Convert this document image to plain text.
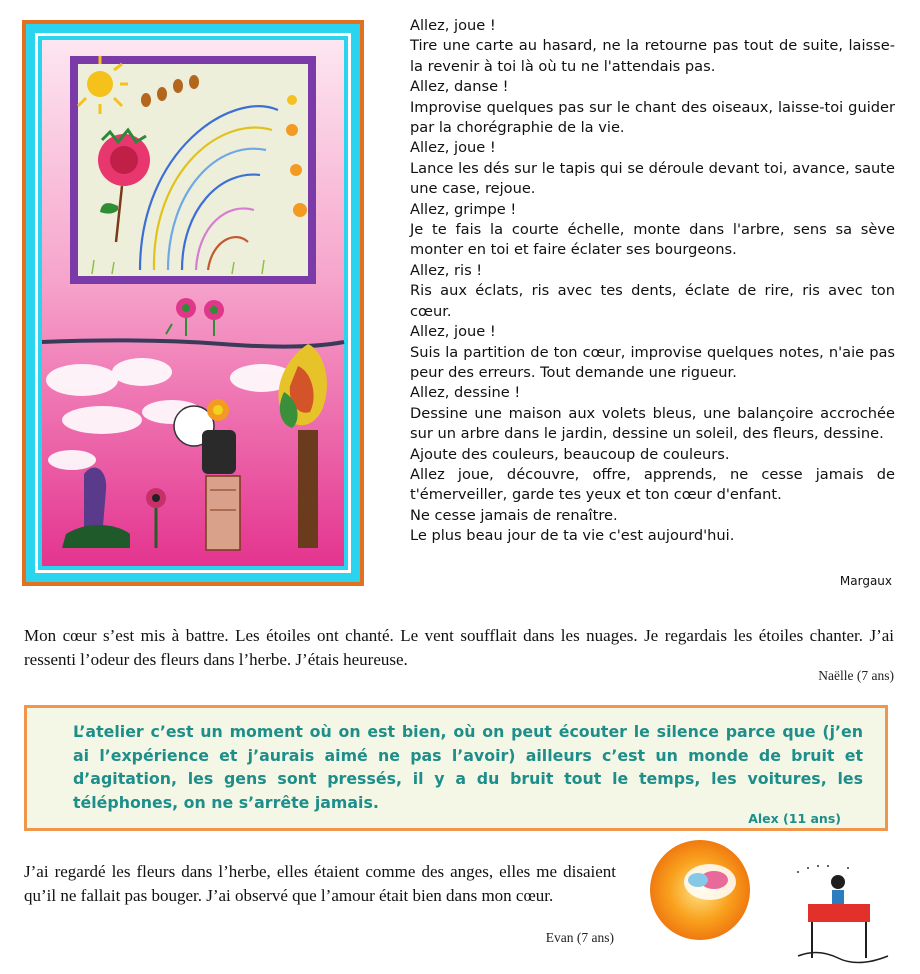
Allez, joue !
Tire une carte au hasard, ne la retourne pas tout de suite, laisse-la revenir à toi là où tu ne l'attendais pas.
Allez, danse !
Improvise quelques pas sur le chant des oiseaux, laisse-toi guider par la chorégraphie de la vie.
Allez, joue !
Lance les dés sur le tapis qui se déroule devant toi, avance, saute une case, rejoue.
Allez, grimpe !
Je te fais la courte échelle, monte dans l'arbre, sens sa sève monter en toi et faire éclater ses bourgeons.
Allez, ris !
Ris aux éclats, ris avec tes dents, éclate de rire, ris avec ton cœur.
Allez, joue !
Suis la partition de ton cœur, improvise quelques notes, n'aie pas peur des erreurs. Tout demande une rigueur.
Allez, dessine !
Dessine une maison aux volets bleus, une balançoire accrochée sur un arbre dans le jardin, dessine un soleil, des fleurs, dessine.
Ajoute des couleurs, beaucoup de couleurs.
Allez joue, découvre, offre, apprends, ne cesse jamais de t'émerveiller, garde tes yeux et ton cœur d'enfant.
Ne cesse jamais de renaître.
Le plus beau jour de ta vie c'est aujourd'hui.
Margaux
Mon cœur s’est mis à battre. Les étoiles ont chanté. Le vent soufflait dans les nuages. Je regardais les étoiles chanter. J’ai ressenti l’odeur des fleurs dans l’herbe. J’étais heureuse.
Naëlle (7 ans)
L’atelier c’est un moment où on est bien, où on peut écouter le silence parce que (j’en ai l’expérience et j’aurais aimé ne pas l’avoir) ailleurs c’est un monde de bruit et d’agitation, les gens sont pressés, il y a du bruit tout le temps, les voitures, les téléphones, on ne s’arrête jamais.
Alex (11 ans)
J’ai regardé les fleurs dans l’herbe, elles étaient comme des anges, elles me disaient qu’il ne fallait pas bouger. J’ai observé que l’amour était bien dans mon cœur.
Evan (7 ans)
